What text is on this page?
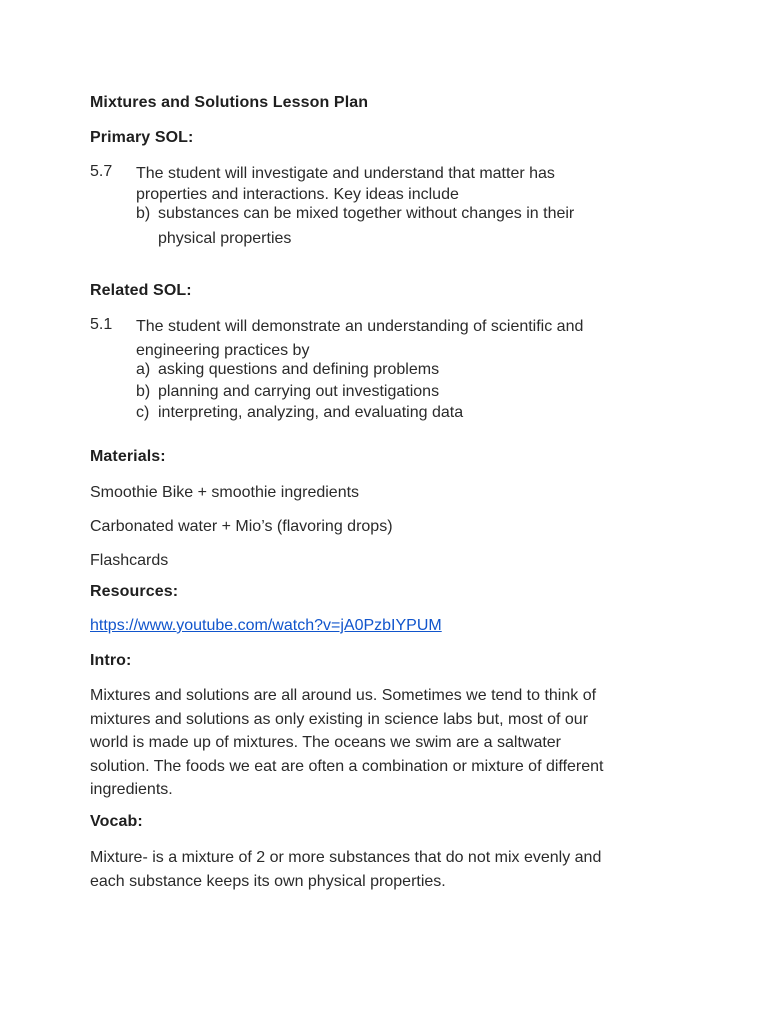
Mixtures and Solutions Lesson Plan
Primary SOL:
5.7 The student will investigate and understand that matter has
properties and interactions. Key ideas include
b) substances can be mixed together without changes in their
physical properties
Related SOL:
5.1 The student will demonstrate an understanding of scientific and
engineering practices by
a) asking questions and defining problems
b) planning and carrying out investigations
c) interpreting, analyzing, and evaluating data
Materials:
Smoothie Bike + smoothie ingredients
Carbonated water + Mio’s (flavoring drops)
Flashcards
Resources:
https://www.youtube.com/watch?v=jA0PzbIYPUM
Intro:
Mixtures and solutions are all around us. Sometimes we tend to think of
mixtures and solutions as only existing in science labs but, most of our
world is made up of mixtures. The oceans we swim are a saltwater
solution. The foods we eat are often a combination or mixture of different
ingredients.
Vocab:
Mixture- is a mixture of 2 or more substances that do not mix evenly and
each substance keeps its own physical properties.
